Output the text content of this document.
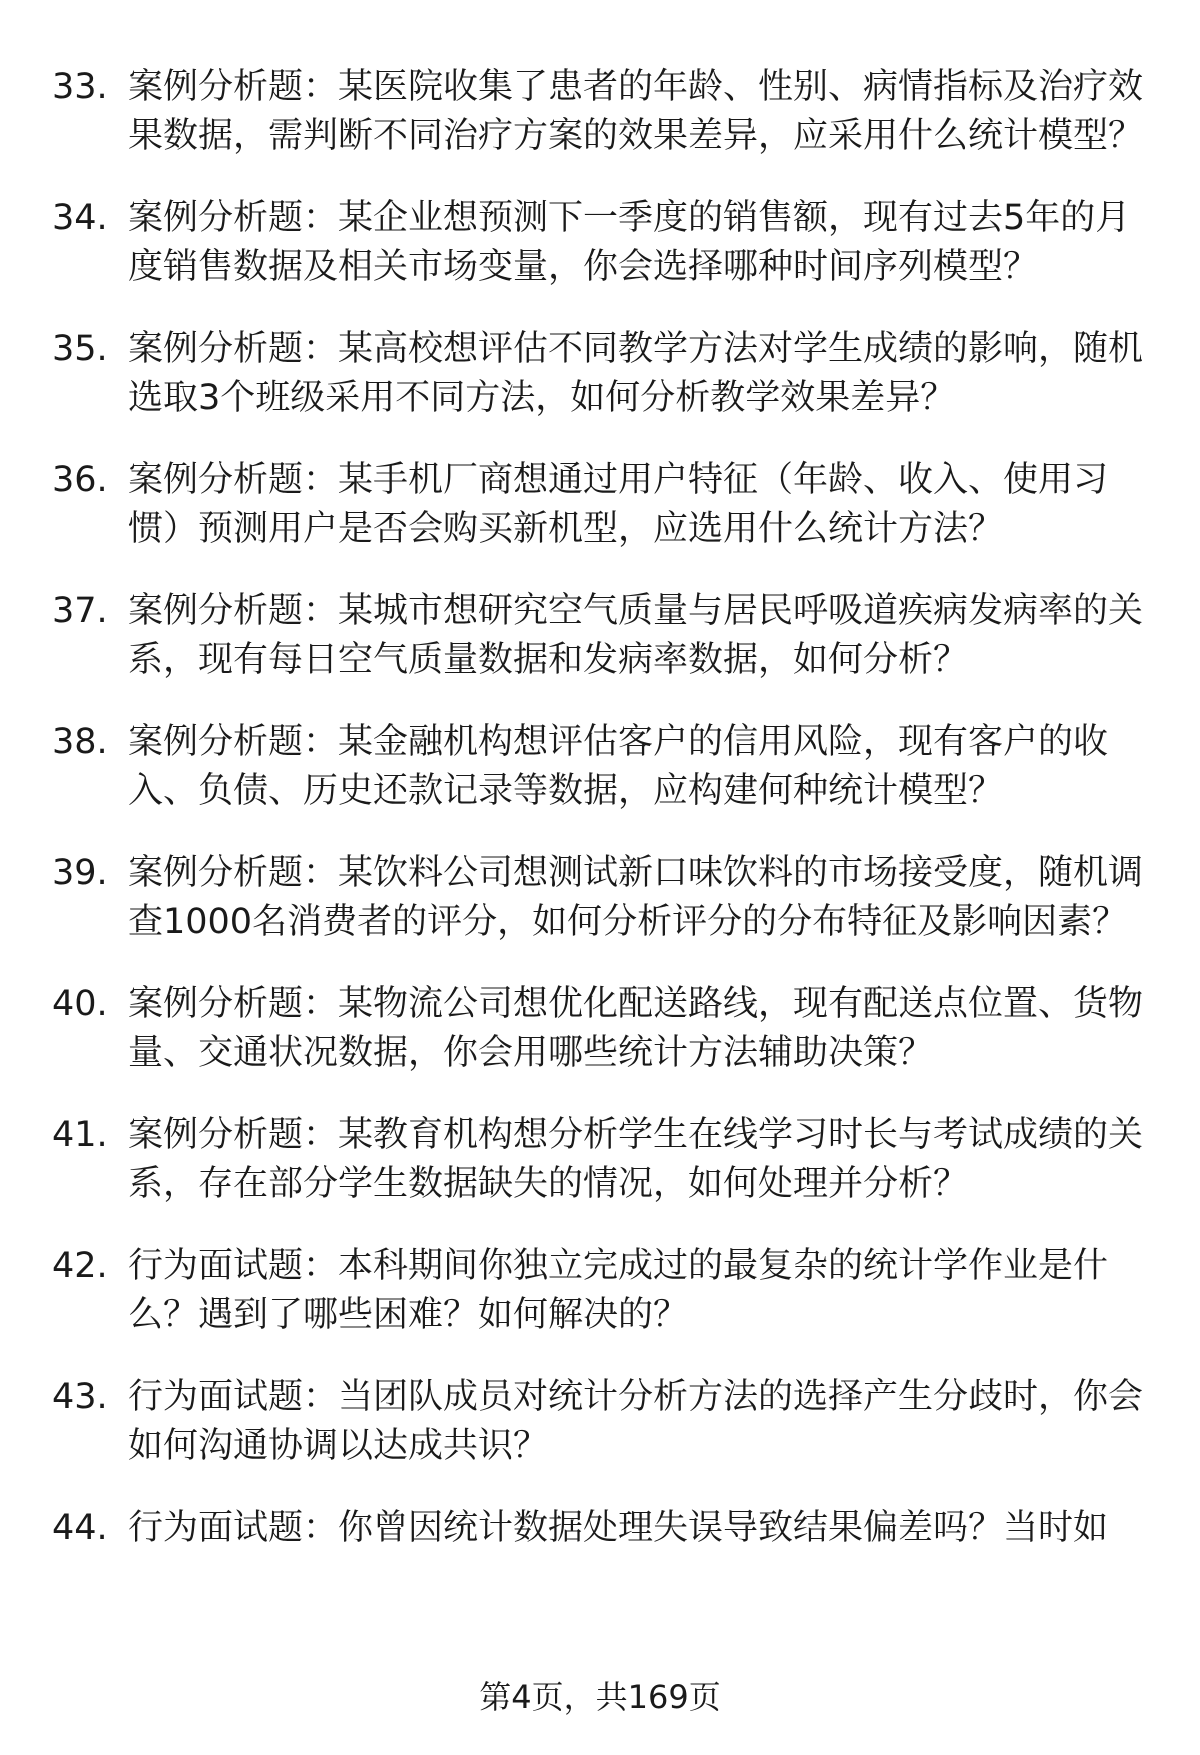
33. 案例分析题：某医院收集了患者的年龄、性别、病情指标及治疗效果数据，需判断不同治疗方案的效果差异，应采用什么统计模型？
34. 案例分析题：某企业想预测下一季度的销售额，现有过去5年的月度销售数据及相关市场变量，你会选择哪种时间序列模型？
35. 案例分析题：某高校想评估不同教学方法对学生成绩的影响，随机选取3个班级采用不同方法，如何分析教学效果差异？
36. 案例分析题：某手机厂商想通过用户特征（年龄、收入、使用习惯）预测用户是否会购买新机型，应选用什么统计方法？
37. 案例分析题：某城市想研究空气质量与居民呼吸道疾病发病率的关系，现有每日空气质量数据和发病率数据，如何分析？
38. 案例分析题：某金融机构想评估客户的信用风险，现有客户的收入、负债、历史还款记录等数据，应构建何种统计模型？
39. 案例分析题：某饮料公司想测试新口味饮料的市场接受度，随机调查1000名消费者的评分，如何分析评分的分布特征及影响因素？
40. 案例分析题：某物流公司想优化配送路线，现有配送点位置、货物量、交通状况数据，你会用哪些统计方法辅助决策？
41. 案例分析题：某教育机构想分析学生在线学习时长与考试成绩的关系，存在部分学生数据缺失的情况，如何处理并分析？
42. 行为面试题：本科期间你独立完成过的最复杂的统计学作业是什么？遇到了哪些困难？如何解决的？
43. 行为面试题：当团队成员对统计分析方法的选择产生分歧时，你会如何沟通协调以达成共识？
44. 行为面试题：你曾因统计数据处理失误导致结果偏差吗？当时如
第4页，共169页
